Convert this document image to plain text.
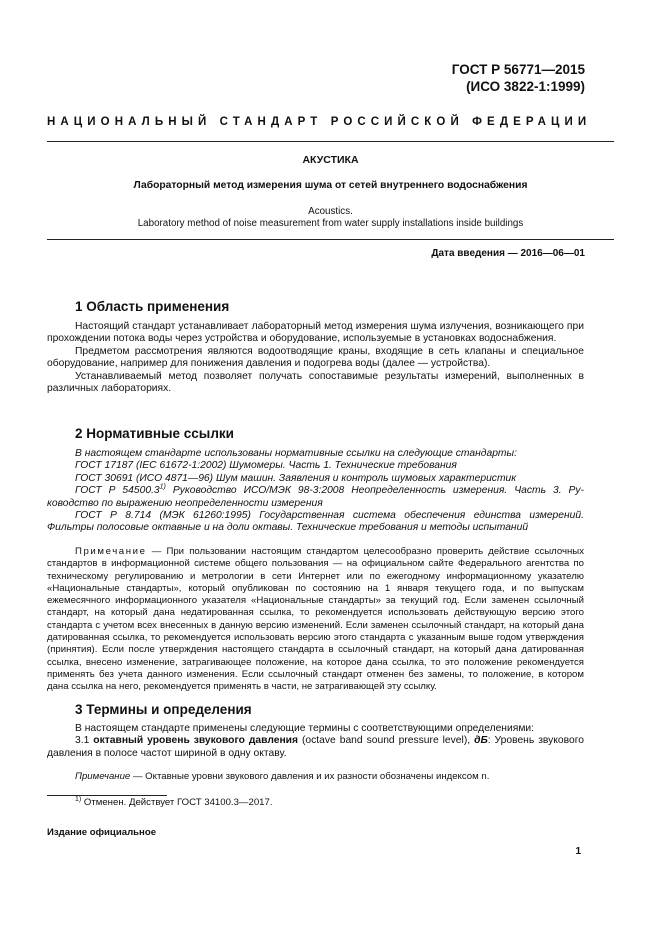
ГОСТ Р 56771—2015
(ИСО 3822-1:1999)
НАЦИОНАЛЬНЫЙ СТАНДАРТ РОССИЙСКОЙ ФЕДЕРАЦИИ
АКУСТИКА
Лабораторный метод измерения шума от сетей внутреннего водоснабжения
Acoustics.
Laboratory method of noise measurement from water supply installations inside buildings
Дата введения — 2016—06—01
1 Область применения

Настоящий стандарт устанавливает лабораторный метод измерения шума излучения, возникающего при прохождении потока воды через устройства и оборудование, используемые в установках водоснабжения.

Предметом рассмотрения являются водоотводящие краны, входящие в сеть клапаны и специальное оборудование, например для понижения давления и подогрева воды (далее — устройства).

Устанавливаемый метод позволяет получать сопоставимые результаты измерений, выполненных в различных лабораториях.

2 Нормативные ссылки

В настоящем стандарте использованы нормативные ссылки на следующие стандарты:

ГОСТ 17187 (IEC 61672-1:2002) Шумомеры. Часть 1. Технические требования

ГОСТ 30691 (ИСО 4871—96) Шум машин. Заявления и контроль шумовых характеристик

ГОСТ Р 54500.3$^{1)}$ Руководство ИСО/МЭК 98-3:2008 Неопределенность измерения. Часть 3. Руководство по выражению неопределенности измерения

ГОСТ Р 8.714 (МЭК 61260:1995) Государственная система обеспечения единства измерений. Фильтры полосовые октавные и на доли октавы. Технические требования и методы испытаний

Примечание — При пользовании настоящим стандартом целесообразно проверить действие ссылочных стандартов в информационной системе общего пользования — на официальном сайте Федерального агентства по техническому регулированию и метрологии в сети Интернет или по ежегодному информационному указателю «Национальные стандарты», который опубликован по состоянию на 1 января текущего года, и по выпускам ежемесячного информационного указателя «Национальные стандарты» за текущий год. Если заменен ссылочный стандарт, на который дана недатированная ссылка, то рекомендуется использовать действующую версию этого стандарта с учетом всех внесенных в данную версию изменений. Если заменен ссылочный стандарт, на который дана датированная ссылка, то рекомендуется использовать версию этого стандарта с указанным выше годом утверждения (принятия). Если после утверждения настоящего стандарта в ссылочный стандарт, на который дана датированная ссылка, внесено изменение, затрагивающее положение, на которое дана ссылка, то это положение рекомендуется применять без учета данного изменения. Если ссылочный стандарт отменен без замены, то положение, в котором дана ссылка на него, рекомендуется применять в части, не затрагивающей эту ссылку.

3 Термины и определения

В настоящем стандарте применены следующие термины с соответствующими определениями:

3.1 октавный уровень звукового давления (octave band sound pressure level), дБ: Уровень звукового давления в полосе частот шириной в одну октаву.

Примечание — Октавные уровни звукового давления и их разности обозначены индексом n.

$^{1)}$ Отменен. Действует ГОСТ 34100.3—2017.
Издание официальное
1
